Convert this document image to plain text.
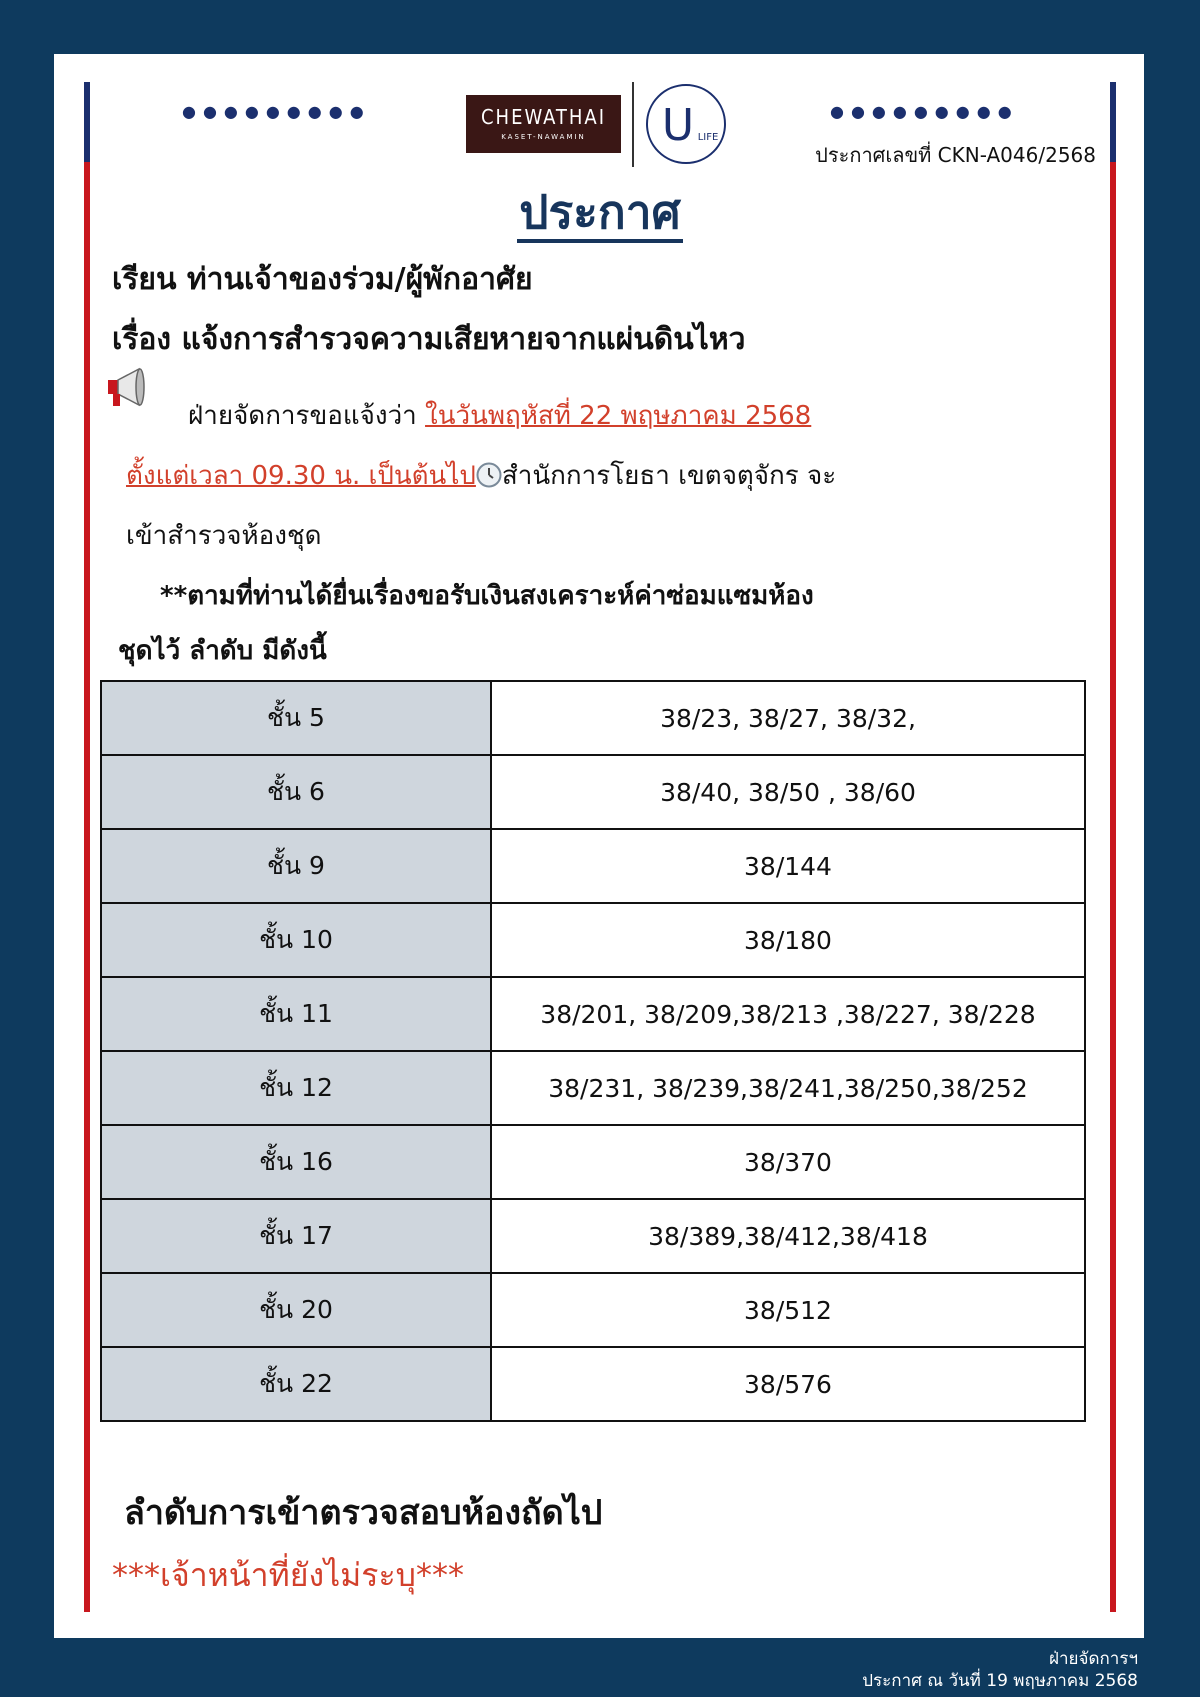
●●●●●●●●●	●●●●●●●●●
CHEWATHAI
KASET-NAWAMIN	U LIFE
ประกาศเลขที่ CKN-A046/2568
ประกาศ
เรียน ท่านเจ้าของร่วม/ผู้พักอาศัย
เรื่อง แจ้งการสำรวจความเสียหายจากแผ่นดินไหว
ฝ่ายจัดการขอแจ้งว่า ในวันพฤหัสที่ 22 พฤษภาคม 2568
ตั้งแต่เวลา 09.30 น. เป็นต้นไป สำนักการโยธา เขตจตุจักร จะ
เข้าสำรวจห้องชุด
**ตามที่ท่านได้ยื่นเรื่องขอรับเงินสงเคราะห์ค่าซ่อมแซมห้อง
ชุดไว้ ลำดับ มีดังนี้
ชั้น 5	38/23, 38/27, 38/32,
ชั้น 6	38/40, 38/50 , 38/60
ชั้น 9	38/144
ชั้น 10	38/180
ชั้น 11	38/201, 38/209,38/213 ,38/227, 38/228
ชั้น 12	38/231, 38/239,38/241,38/250,38/252
ชั้น 16	38/370
ชั้น 17	38/389,38/412,38/418
ชั้น 20	38/512
ชั้น 22	38/576
ลำดับการเข้าตรวจสอบห้องถัดไป
***เจ้าหน้าที่ยังไม่ระบุ***
ฝ่ายจัดการฯ
ประกาศ ณ วันที่ 19 พฤษภาคม 2568
